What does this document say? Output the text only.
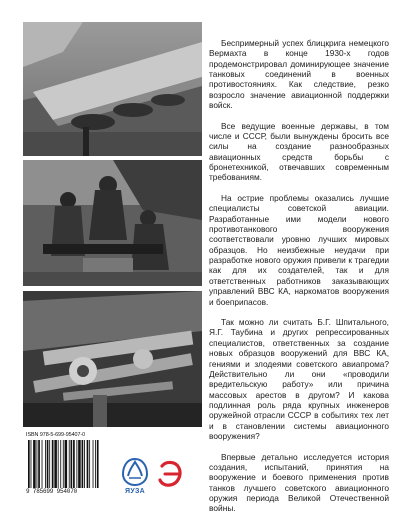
Беспримерный успех блицкрига немецкого Вермахта в конце 1930-х годов продемонстрировал доминирующее значение танковых соединений в военных противостояниях. Как следствие, резко возросло значение авиационной поддержки войск.

Все ведущие военные державы, в том числе и СССР, были вынуждены бросить все силы на создание разнообразных авиационных средств борьбы с бронетехникой, отвечавших современным требованиям.

На острие проблемы оказались лучшие специалисты советской авиации. Разработанные ими модели нового противотанкового вооружения соответствовали уровню лучших мировых образцов. Но неизбежные неудачи при разработке нового оружия привели к трагедии как для их создателей, так и для ответственных работников заказывающих управлений ВВС КА, наркоматов вооружения и боеприпасов.

Так можно ли считать Б.Г. Шпитального, Я.Г. Таубина и других репрессированных специалистов, ответственных за создание новых образцов вооружений для ВВС КА, гениями и злодеями советского авиапрома? Действительно ли они «проводили вредительскую работу» или причина массовых арестов в другом? И какова подлинная роль ряда крупных инженеров оружейной отрасли СССР в событиях тех лет и в становлении системы авиационного вооружения?

Впервые детально исследуется история создания, испытаний, принятия на вооружение и боевого применения против танков лучшего советского авиационного оружия периода Великой Отечественной войны.

ISBN 978-5-699-95407-0
9 785699 954070	ЯУЗА
